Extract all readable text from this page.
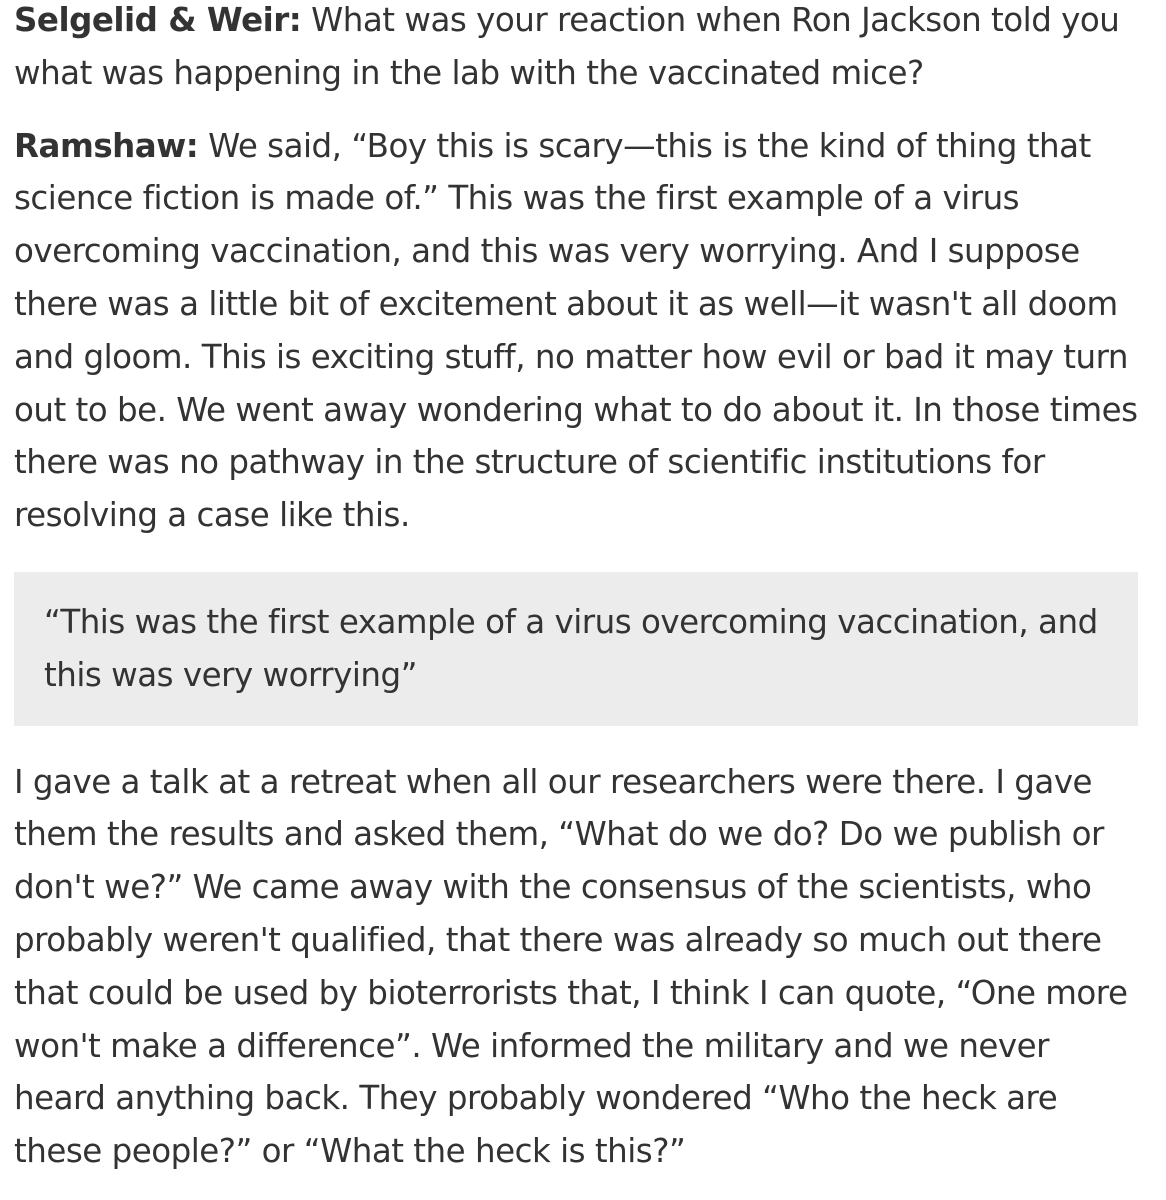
Selgelid & Weir: What was your reaction when Ron Jackson told you what was happening in the lab with the vaccinated mice?

Ramshaw: We said, “Boy this is scary—this is the kind of thing that science fiction is made of.” This was the first example of a virus overcoming vaccination, and this was very worrying. And I suppose there was a little bit of excitement about it as well—it wasn't all doom and gloom. This is exciting stuff, no matter how evil or bad it may turn out to be. We went away wondering what to do about it. In those times there was no pathway in the structure of scientific institutions for resolving a case like this.

“This was the first example of a virus overcoming vaccination, and this was very worrying”

I gave a talk at a retreat when all our researchers were there. I gave them the results and asked them, “What do we do? Do we publish or don't we?” We came away with the consensus of the scientists, who probably weren't qualified, that there was already so much out there that could be used by bioterrorists that, I think I can quote, “One more won't make a difference”. We informed the military and we never heard anything back. They probably wondered “Who the heck are these people?” or “What the heck is this?”
